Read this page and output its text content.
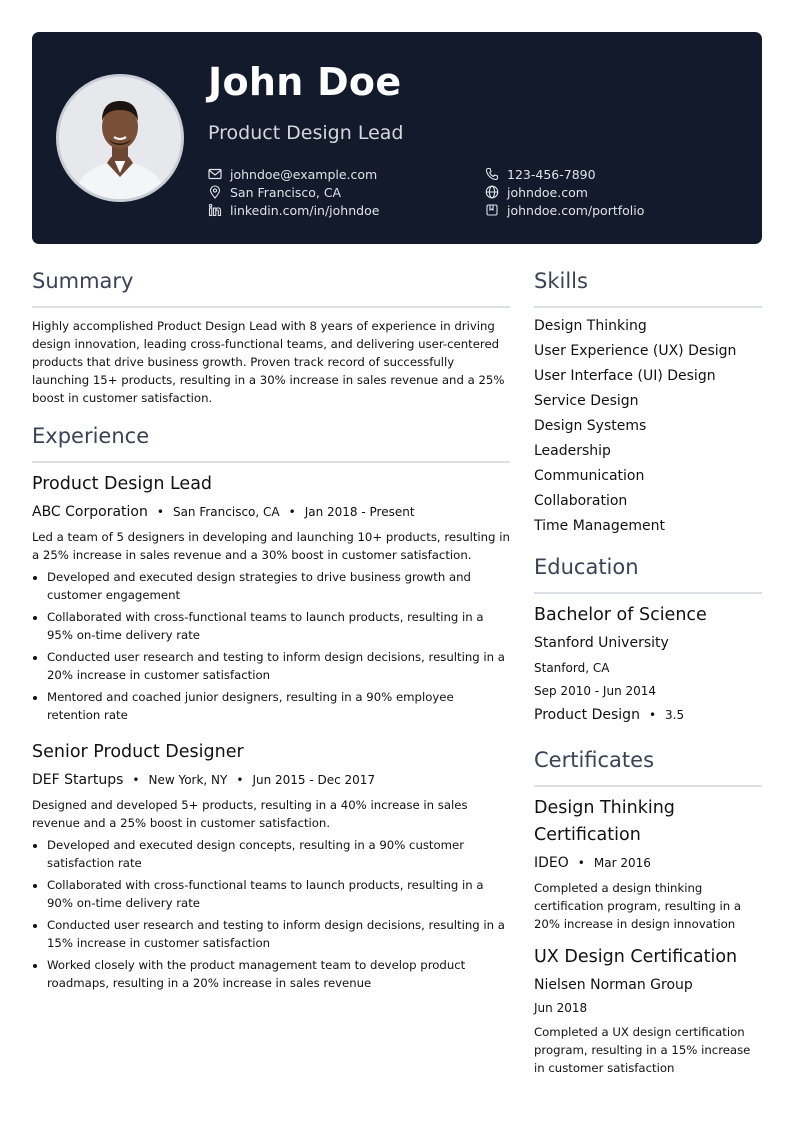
John Doe
Product Design Lead
johndoe@example.com	123-456-7890
San Francisco, CA	johndoe.com
linkedin.com/in/johndoe	johndoe.com/portfolio
Summary
Highly accomplished Product Design Lead with 8 years of experience in driving design innovation, leading cross-functional teams, and delivering user-centered products that drive business growth. Proven track record of successfully launching 15+ products, resulting in a 30% increase in sales revenue and a 25% boost in customer satisfaction.
Experience
Product Design Lead
ABC Corporation • San Francisco, CA • Jan 2018 - Present
Led a team of 5 designers in developing and launching 10+ products, resulting in a 25% increase in sales revenue and a 30% boost in customer satisfaction.
Developed and executed design strategies to drive business growth and customer engagement
Collaborated with cross-functional teams to launch products, resulting in a 95% on-time delivery rate
Conducted user research and testing to inform design decisions, resulting in a 20% increase in customer satisfaction
Mentored and coached junior designers, resulting in a 90% employee retention rate
Senior Product Designer
DEF Startups • New York, NY • Jun 2015 - Dec 2017
Designed and developed 5+ products, resulting in a 40% increase in sales revenue and a 25% boost in customer satisfaction.
Developed and executed design concepts, resulting in a 90% customer satisfaction rate
Collaborated with cross-functional teams to launch products, resulting in a 90% on-time delivery rate
Conducted user research and testing to inform design decisions, resulting in a 15% increase in customer satisfaction
Worked closely with the product management team to develop product roadmaps, resulting in a 20% increase in sales revenue
Skills
Design Thinking
User Experience (UX) Design
User Interface (UI) Design
Service Design
Design Systems
Leadership
Communication
Collaboration
Time Management
Education
Bachelor of Science
Stanford University
Stanford, CA
Sep 2010 - Jun 2014
Product Design • 3.5
Certificates
Design Thinking
Certification
IDEO • Mar 2016
Completed a design thinking certification program, resulting in a 20% increase in design innovation
UX Design Certification
Nielsen Norman Group
Jun 2018
Completed a UX design certification program, resulting in a 15% increase in customer satisfaction
